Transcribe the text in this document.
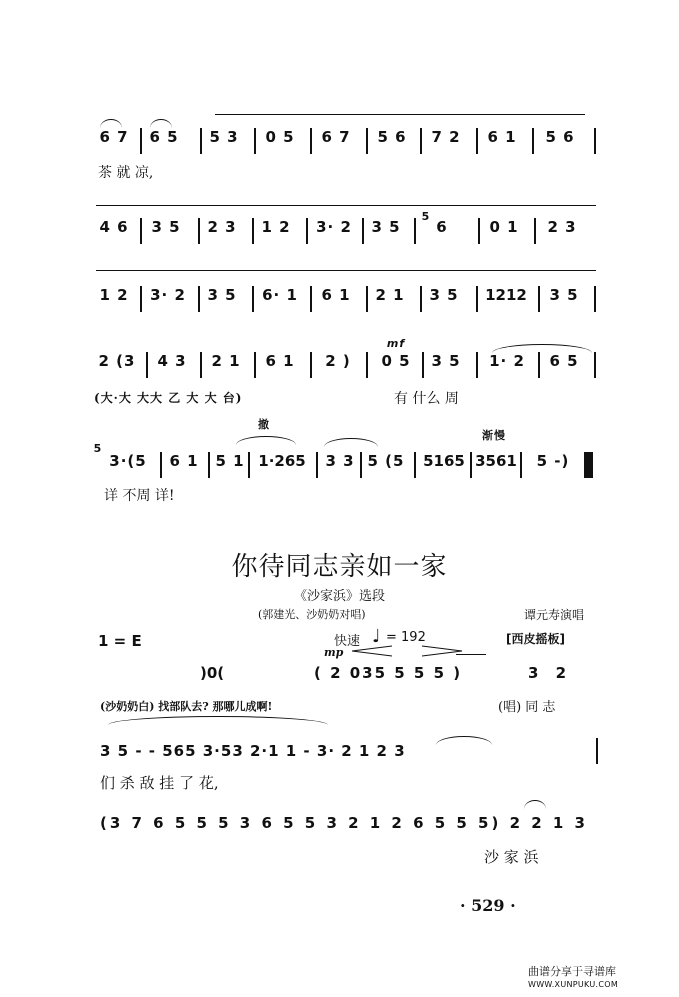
6 7 6 5 5 3 0 5 6 7 5 6 7 2 6 1	5 6
茶 就 凉,
4 6 3 5 2 3 1 2 3· 2 3 5
5
6	0 1	2 3
1 2 3· 2 3 5 6· 1	6 1	2 1 3 5 1212	3 5
mf
2 (3	4 3	2 1	6 1	2 )	0 5 3 5	1· 2	6 5
(大·大 大大 乙 大 大 台)	有 什么 周
撤
渐慢
5
3·(5	6 1 5 1 1·265 3 3 5 (5 5165 3561	5 -)
详 不周 详!
你待同志亲如一家
《沙家浜》选段
(郭建光、沙奶奶对唱)	谭元寿演唱
1 = E	快速 ♩ = 192
mp
[西皮摇板]
)0(	( 2 035 5 5 5 )	3 2
(沙奶奶白) 找部队去? 那哪儿成啊!	(唱) 同 志
3 5 - - 565 3·53 2·1 1 - 3· 2 1 2 3
们 杀 敌 挂 了 花,
(3 7 6 5 5 5 3 6 5 5 3 2 1 2 6 5 5 5) 2 2 1 3
沙 家 浜
· 529 ·
曲谱分享于寻谱库
WWW.XUNPUKU.COM
